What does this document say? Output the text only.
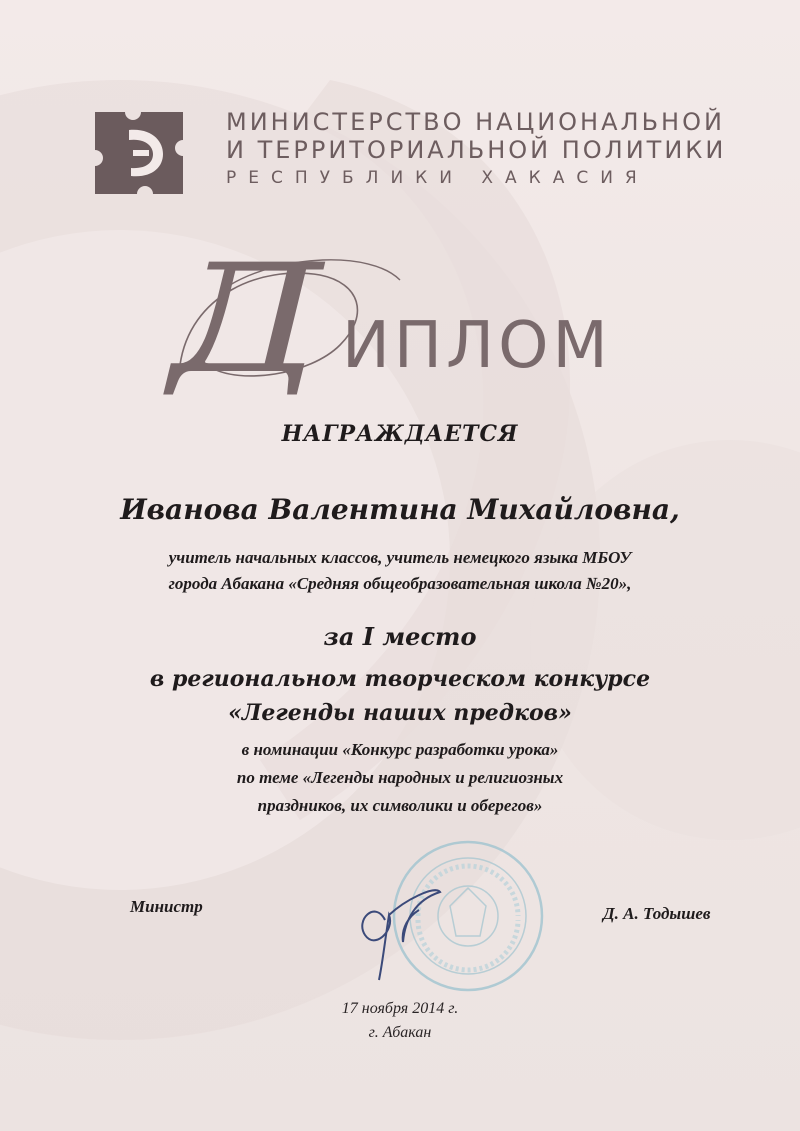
МИНИСТЕРСТВО НАЦИОНАЛЬНОЙ
И ТЕРРИТОРИАЛЬНОЙ ПОЛИТИКИ
РЕСПУБЛИКИ ХАКАСИЯ
Д ИПЛОМ
НАГРАЖДАЕТСЯ
Иванова Валентина Михайловна,
учитель начальных классов, учитель немецкого языка МБОУ
города Абакана «Средняя общеобразовательная школа №20»,
за I место
в региональном творческом конкурсе
«Легенды наших предков»
в номинации «Конкурс разработки урока»
по теме «Легенды народных и религиозных
праздников, их символики и оберегов»
Министр	Д. А. Тодышев
17 ноября 2014 г.
г. Абакан
